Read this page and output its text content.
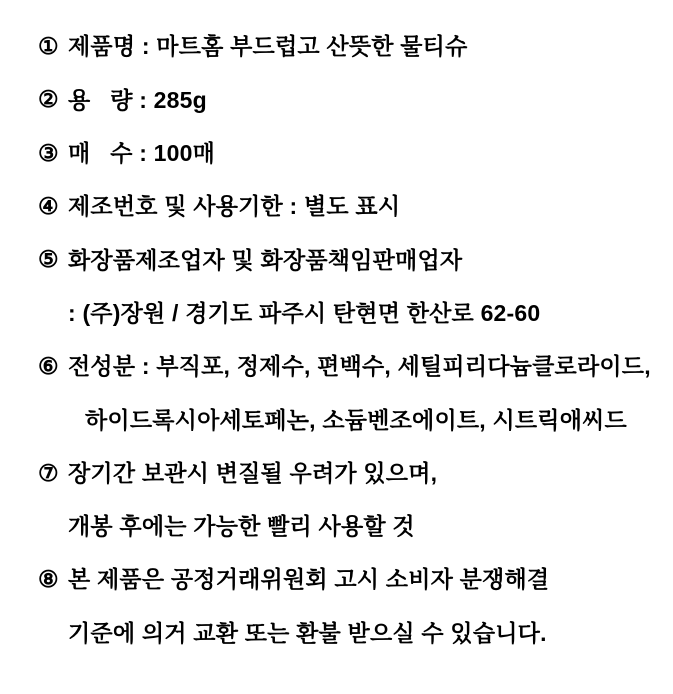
① 제품명 : 마트홈 부드럽고 산뜻한 물티슈
② 용   량 : 285g
③ 매   수 : 100매
④ 제조번호 및 사용기한 : 별도 표시
⑤ 화장품제조업자 및 화장품책임판매업자
: (주)장원 / 경기도 파주시 탄현면 한산로 62-60
⑥ 전성분 : 부직포, 정제수, 편백수, 세틸피리다늄클로라이드,
하이드록시아세토페논, 소듐벤조에이트, 시트릭애씨드
⑦ 장기간 보관시 변질될 우려가 있으며,
개봉 후에는 가능한 빨리 사용할 것
⑧ 본 제품은 공정거래위원회 고시 소비자 분쟁해결
기준에 의거 교환 또는 환불 받으실 수 있습니다.
